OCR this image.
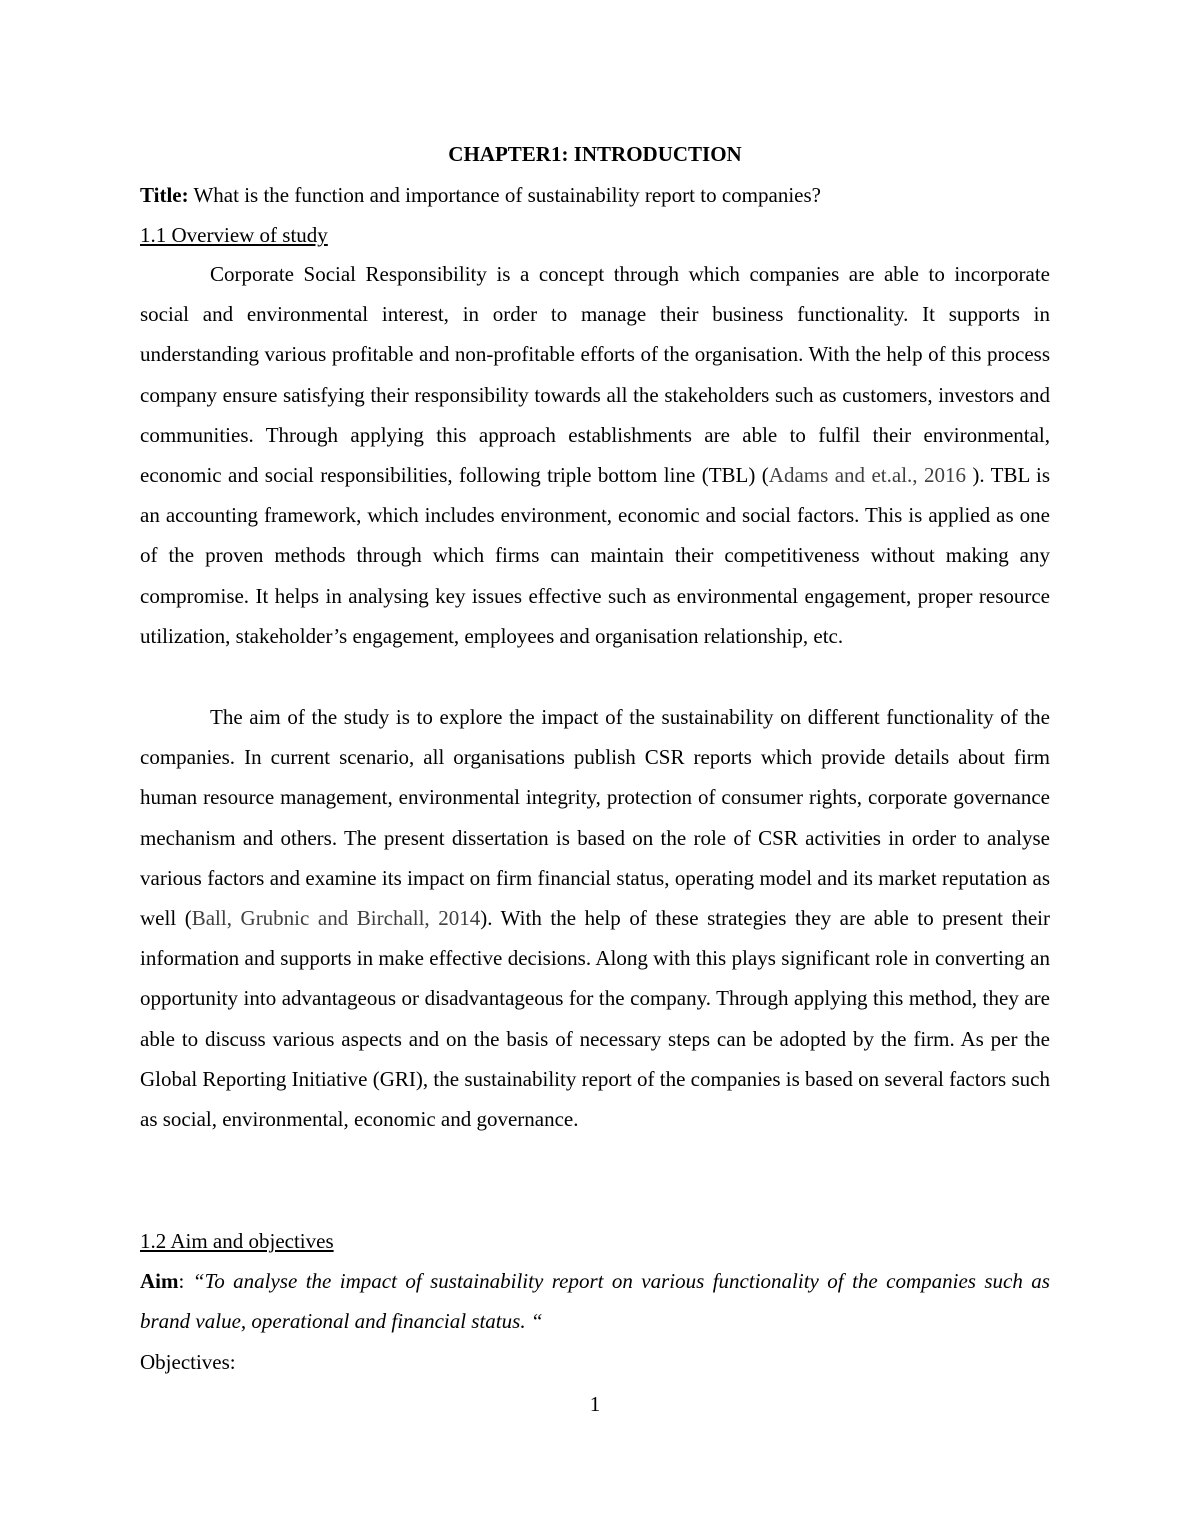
CHAPTER1: INTRODUCTION
Title: What is the function and importance of sustainability report to companies?
1.1 Overview of study

Corporate Social Responsibility is a concept through which companies are able to incorporate social and environmental interest, in order to manage their business functionality. It supports in understanding various profitable and non-profitable efforts of the organisation. With the help of this process company ensure satisfying their responsibility towards all the stakeholders such as customers, investors and communities. Through applying this approach establishments are able to fulfil their environmental, economic and social responsibilities, following triple bottom line (TBL) (Adams and et.al., 2016 ). TBL is an accounting framework, which includes environment, economic and social factors. This is applied as one of the proven methods through which firms can maintain their competitiveness without making any compromise. It helps in analysing key issues effective such as environmental engagement, proper resource utilization, stakeholder’s engagement, employees and organisation relationship, etc.

The aim of the study is to explore the impact of the sustainability on different functionality of the companies. In current scenario, all organisations publish CSR reports which provide details about firm human resource management, environmental integrity, protection of consumer rights, corporate governance mechanism and others. The present dissertation is based on the role of CSR activities in order to analyse various factors and examine its impact on firm financial status, operating model and its market reputation as well (Ball, Grubnic and Birchall, 2014). With the help of these strategies they are able to present their information and supports in make effective decisions. Along with this plays significant role in converting an opportunity into advantageous or disadvantageous for the company. Through applying this method, they are able to discuss various aspects and on the basis of necessary steps can be adopted by the firm. As per the Global Reporting Initiative (GRI), the sustainability report of the companies is based on several factors such as social, environmental, economic and governance.

1.2 Aim and objectives

Aim: “To analyse the impact of sustainability report on various functionality of the companies such as brand value, operational and financial status. “

Objectives:
1
